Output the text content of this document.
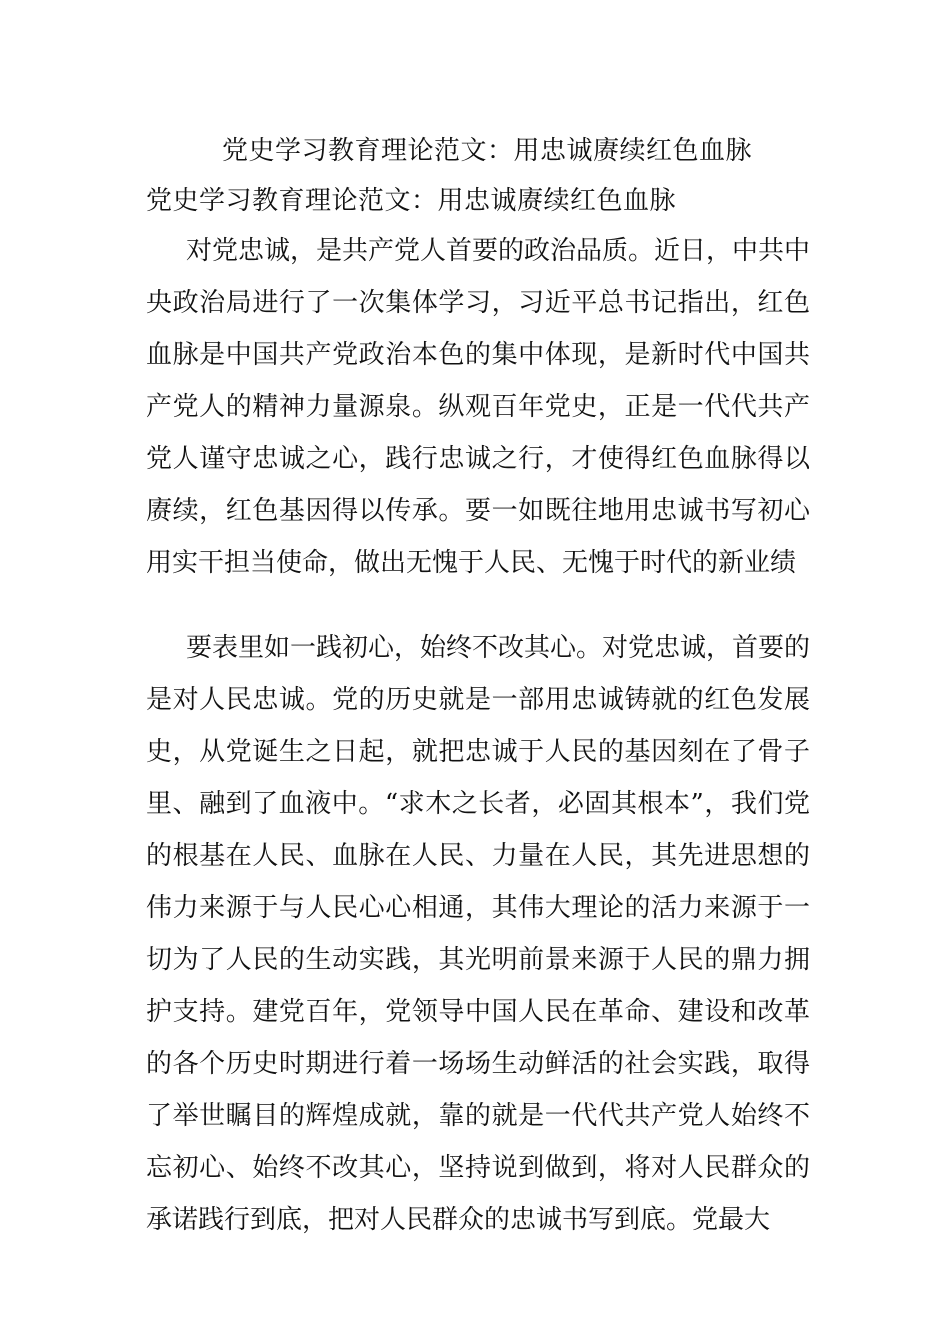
党史学习教育理论范文：用忠诚赓续红色血脉
党史学习教育理论范文：用忠诚赓续红色血脉

对党忠诚，是共产党人首要的政治品质。近日，中共中央政治局进行了一次集体学习，习近平总书记指出，红色血脉是中国共产党政治本色的集中体现，是新时代中国共产党人的精神力量源泉。纵观百年党史，正是一代代共产党人谨守忠诚之心，践行忠诚之行，才使得红色血脉得以赓续，红色基因得以传承。要一如既往地用忠诚书写初心用实干担当使命，做出无愧于人民、无愧于时代的新业绩

要表里如一践初心，始终不改其心。对党忠诚，首要的是对人民忠诚。党的历史就是一部用忠诚铸就的红色发展史，从党诞生之日起，就把忠诚于人民的基因刻在了骨子里、融到了血液中。“求木之长者，必固其根本”，我们党的根基在人民、血脉在人民、力量在人民，其先进思想的伟力来源于与人民心心相通，其伟大理论的活力来源于一切为了人民的生动实践，其光明前景来源于人民的鼎力拥护支持。建党百年，党领导中国人民在革命、建设和改革的各个历史时期进行着一场场生动鲜活的社会实践，取得了举世瞩目的辉煌成就，靠的就是一代代共产党人始终不忘初心、始终不改其心，坚持说到做到，将对人民群众的承诺践行到底，把对人民群众的忠诚书写到底。党最大
